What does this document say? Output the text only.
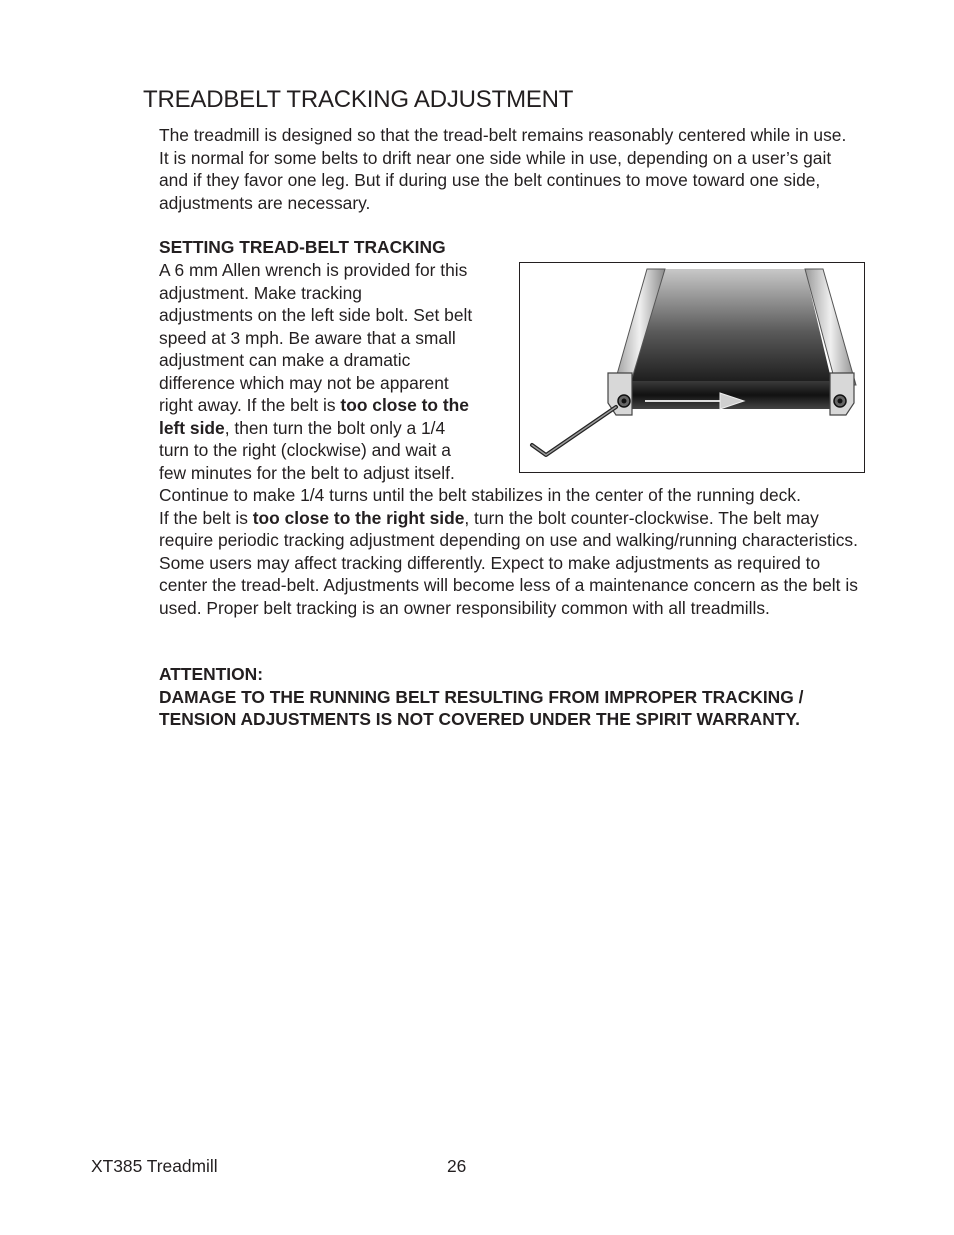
TREADBELT TRACKING ADJUSTMENT

The treadmill is designed so that the tread-belt remains reasonably centered while in use. It is normal for some belts to drift near one side while in use, depending on a user’s gait and if they favor one leg. But if during use the belt continues to move toward one side, adjustments are necessary.

SETTING TREAD-BELT TRACKING

A 6 mm Allen wrench is provided for this
adjustment. Make tracking
adjustments on the left side bolt. Set belt
speed at 3 mph. Be aware that a small
adjustment can make a dramatic
difference which may not be apparent
right away. If the belt is too close to the
left side, then turn the bolt only a 1/4
turn to the right (clockwise) and wait a
few minutes for the belt to adjust itself.
Continue to make 1/4 turns until the belt stabilizes in the center of the running deck.
If the belt is too close to the right side, turn the bolt counter-clockwise. The belt may require periodic tracking adjustment depending on use and walking/running characteristics. Some users may affect tracking differently. Expect to make adjustments as required to center the tread-belt. Adjustments will become less of a maintenance concern as the belt is used. Proper belt tracking is an owner responsibility common with all treadmills.
ATTENTION:
DAMAGE TO THE RUNNING BELT RESULTING FROM IMPROPER TRACKING / TENSION ADJUSTMENTS IS NOT COVERED UNDER THE SPIRIT WARRANTY.
XT385 Treadmill	26
